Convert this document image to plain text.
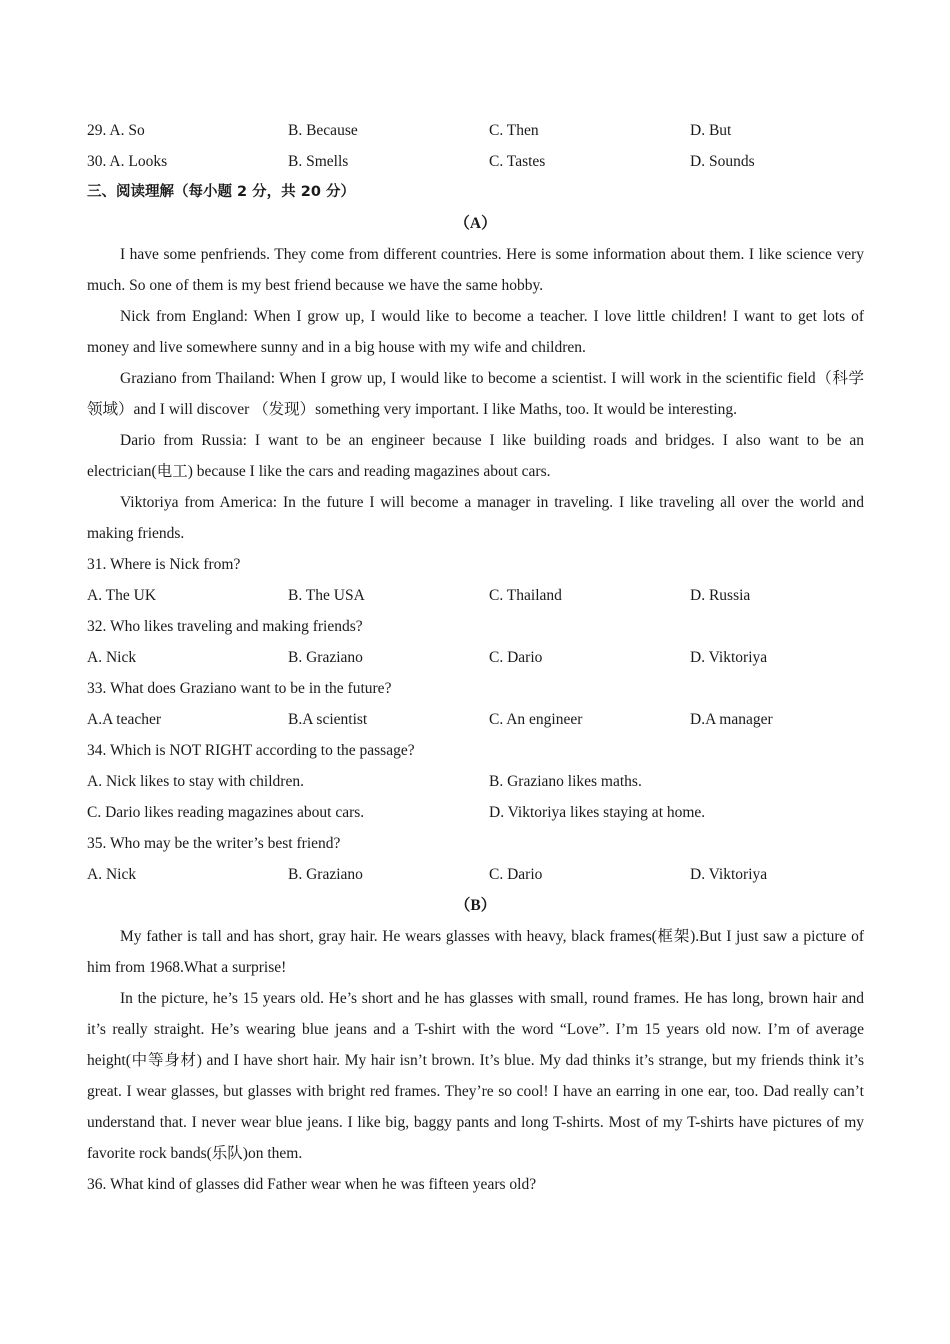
29. A. So	B. Because	C. Then	D. But
30. A. Looks	B. Smells	C. Tastes	D. Sounds
三、阅读理解（每小题 2 分，共 20 分）
（A）

I have some penfriends. They come from different countries. Here is some information about them. I like science very much. So one of them is my best friend because we have the same hobby.

Nick from England: When I grow up, I would like to become a teacher. I love little children! I want to get lots of money and live somewhere sunny and in a big house with my wife and children.

Graziano from Thailand: When I grow up, I would like to become a scientist. I will work in the scientific field（科学领域）and I will discover （发现）something very important. I like Maths, too. It would be interesting.

Dario from Russia: I want to be an engineer because I like building roads and bridges. I also want to be an electrician(电工) because I like the cars and reading magazines about cars.

Viktoriya from America: In the future I will become a manager in traveling. I like traveling all over the world and making friends.

31. Where is Nick from?
A. The UK	B. The USA	C. Thailand	D. Russia
32. Who likes traveling and making friends?
A. Nick	B. Graziano	C. Dario	D. Viktoriya
33. What does Graziano want to be in the future?
A.A teacher	B.A scientist	C. An engineer	D.A manager
34. Which is NOT RIGHT according to the passage?
A. Nick likes to stay with children.	B. Graziano likes maths.
C. Dario likes reading magazines about cars.	D. Viktoriya likes staying at home.
35. Who may be the writer’s best friend?
A. Nick	B. Graziano	C. Dario	D. Viktoriya
（B）

My father is tall and has short, gray hair. He wears glasses with heavy, black frames(框架).But I just saw a picture of him from 1968.What a surprise!

In the picture, he’s 15 years old. He’s short and he has glasses with small, round frames. He has long, brown hair and it’s really straight. He’s wearing blue jeans and a T-shirt with the word “Love”. I’m 15 years old now. I’m of average height(中等身材) and I have short hair. My hair isn’t brown. It’s blue. My dad thinks it’s strange, but my friends think it’s great. I wear glasses, but glasses with bright red frames. They’re so cool! I have an earring in one ear, too. Dad really can’t understand that. I never wear blue jeans. I like big, baggy pants and long T-shirts. Most of my T-shirts have pictures of my favorite rock bands(乐队)on them.

36. What kind of glasses did Father wear when he was fifteen years old?
